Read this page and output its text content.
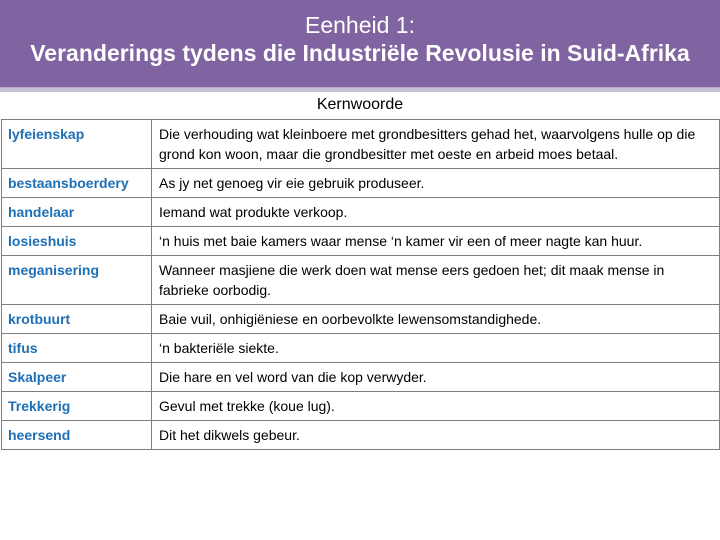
Eenheid 1:
Veranderings tydens die Industriële Revolusie in Suid-Afrika
Kernwoorde
lyfeienskap	Die verhouding wat kleinboere met grondbesitters gehad het, waarvolgens hulle op die grond kon woon, maar die grondbesitter met oeste en arbeid moes betaal.
bestaansboerdery	As jy net genoeg vir eie gebruik produseer.
handelaar	Iemand wat produkte verkoop.
losieshuis	‘n huis met baie kamers waar mense ‘n kamer vir een of meer nagte kan huur.
meganisering	Wanneer masjiene die werk doen wat mense eers gedoen het; dit maak mense in fabrieke oorbodig.
krotbuurt	Baie vuil, onhigiëniese en oorbevolkte lewensomstandighede.
tifus	‘n bakteriële siekte.
Skalpeer	Die hare en vel word van die kop verwyder.
Trekkerig	Gevul met trekke (koue lug).
heersend	Dit het dikwels gebeur.
